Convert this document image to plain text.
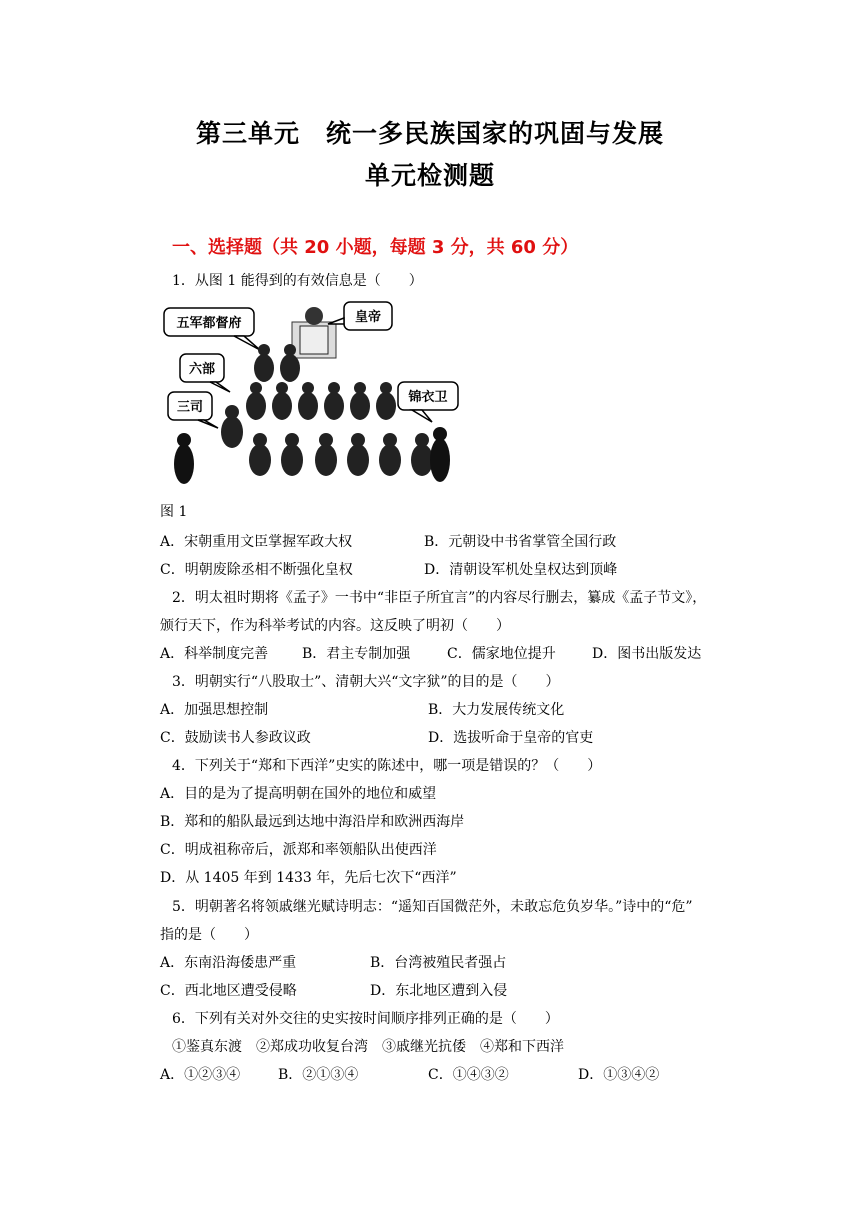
第三单元　统一多民族国家的巩固与发展
单元检测题
一、选择题（共 20 小题，每题 3 分，共 60 分）
1．从图 1 能得到的有效信息是（　　）
五军都督府	皇帝
六部
三司
锦衣卫
图 1
A．宋朝重用文臣掌握军政大权	B．元朝设中书省掌管全国行政
C．明朝废除丞相不断强化皇权	D．清朝设军机处皇权达到顶峰
2．明太祖时期将《孟子》一书中“非臣子所宜言”的内容尽行删去，纂成《孟子节文》，
颁行天下，作为科举考试的内容。这反映了明初（　　）
A．科举制度完善 B．君主专制加强	C．儒家地位提升	D．图书出版发达
3．明朝实行“八股取士”、清朝大兴“文字狱”的目的是（　　）
A．加强思想控制	B．大力发展传统文化
C．鼓励读书人参政议政	D．选拔听命于皇帝的官吏
4．下列关于“郑和下西洋”史实的陈述中，哪一项是错误的？（　　）
A．目的是为了提高明朝在国外的地位和威望
B．郑和的船队最远到达地中海沿岸和欧洲西海岸
C．明成祖称帝后，派郑和率领船队出使西洋
D．从 1405 年到 1433 年，先后七次下“西洋”
5．明朝著名将领戚继光赋诗明志：“遥知百国微茫外，未敢忘危负岁华。”诗中的“危”
指的是（　　）
A．东南沿海倭患严重	B．台湾被殖民者强占
C．西北地区遭受侵略	D．东北地区遭到入侵
6．下列有关对外交往的史实按时间顺序排列正确的是（　　）
①鉴真东渡　②郑成功收复台湾　③戚继光抗倭　④郑和下西洋
A．①②③④	B．②①③④	C．①④③②	D．①③④②
